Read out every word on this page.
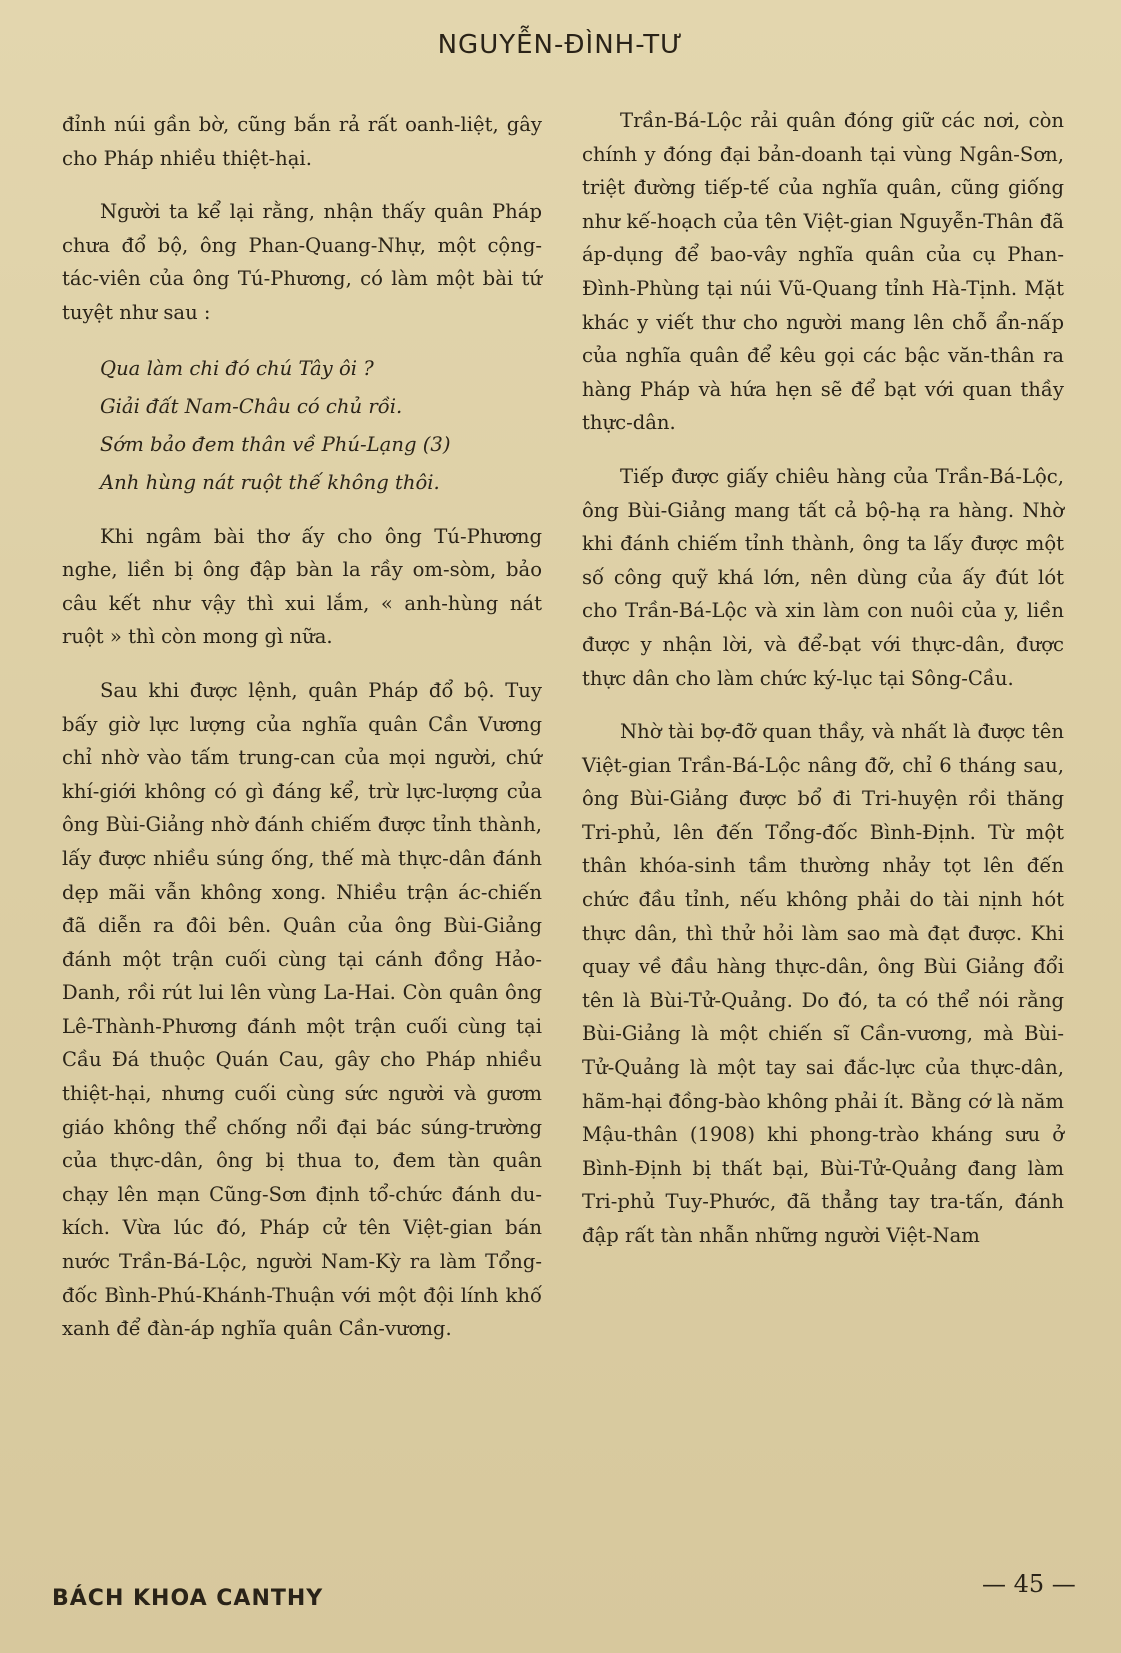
NGUYỄN-ĐÌNH-TƯ

đỉnh núi gần bờ, cũng bắn rả rất oanh-liệt, gây cho Pháp nhiều thiệt-hại.

Người ta kể lại rằng, nhận thấy quân Pháp chưa đổ bộ, ông Phan-Quang-Nhự, một cộng-tác-viên của ông Tú-Phương, có làm một bài tứ tuyệt như sau :

Qua làm chi đó chú Tây ôi ?
Giải đất Nam-Châu có chủ rồi.
Sớm bảo đem thân về Phú-Lạng (3)
Anh hùng nát ruột thế không thôi.

Khi ngâm bài thơ ấy cho ông Tú-Phương nghe, liền bị ông đập bàn la rầy om-sòm, bảo câu kết như vậy thì xui lắm, « anh-hùng nát ruột » thì còn mong gì nữa.

Sau khi được lệnh, quân Pháp đổ bộ. Tuy bấy giờ lực lượng của nghĩa quân Cần Vương chỉ nhờ vào tấm trung-can của mọi người, chứ khí-giới không có gì đáng kể, trừ lực-lượng của ông Bùi-Giảng nhờ đánh chiếm được tỉnh thành, lấy được nhiều súng ống, thế mà thực-dân đánh dẹp mãi vẫn không xong. Nhiều trận ác-chiến đã diễn ra đôi bên. Quân của ông Bùi-Giảng đánh một trận cuối cùng tại cánh đồng Hảo-Danh, rồi rút lui lên vùng La-Hai. Còn quân ông Lê-Thành-Phương đánh một trận cuối cùng tại Cầu Đá thuộc Quán Cau, gây cho Pháp nhiều thiệt-hại, nhưng cuối cùng sức người và gươm giáo không thể chống nổi đại bác súng-trường của thực-dân, ông bị thua to, đem tàn quân chạy lên mạn Cũng-Sơn định tổ-chức đánh du-kích. Vừa lúc đó, Pháp cử tên Việt-gian bán nước Trần-Bá-Lộc, người Nam-Kỳ ra làm Tổng-đốc Bình-Phú-Khánh-Thuận với một đội lính khố xanh để đàn-áp nghĩa quân Cần-vương.

Trần-Bá-Lộc rải quân đóng giữ các nơi, còn chính y đóng đại bản-doanh tại vùng Ngân-Sơn, triệt đường tiếp-tế của nghĩa quân, cũng giống như kế-hoạch của tên Việt-gian Nguyễn-Thân đã áp-dụng để bao-vây nghĩa quân của cụ Phan-Đình-Phùng tại núi Vũ-Quang tỉnh Hà-Tịnh. Mặt khác y viết thư cho người mang lên chỗ ẩn-nấp của nghĩa quân để kêu gọi các bậc văn-thân ra hàng Pháp và hứa hẹn sẽ để bạt với quan thầy thực-dân.

Tiếp được giấy chiêu hàng của Trần-Bá-Lộc, ông Bùi-Giảng mang tất cả bộ-hạ ra hàng. Nhờ khi đánh chiếm tỉnh thành, ông ta lấy được một số công quỹ khá lớn, nên dùng của ấy đút lót cho Trần-Bá-Lộc và xin làm con nuôi của y, liền được y nhận lời, và để-bạt với thực-dân, được thực dân cho làm chức ký-lục tại Sông-Cầu.

Nhờ tài bợ-đỡ quan thầy, và nhất là được tên Việt-gian Trần-Bá-Lộc nâng đỡ, chỉ 6 tháng sau, ông Bùi-Giảng được bổ đi Tri-huyện rồi thăng Tri-phủ, lên đến Tổng-đốc Bình-Định. Từ một thân khóa-sinh tầm thường nhảy tọt lên đến chức đầu tỉnh, nếu không phải do tài nịnh hót thực dân, thì thử hỏi làm sao mà đạt được. Khi quay về đầu hàng thực-dân, ông Bùi Giảng đổi tên là Bùi-Tử-Quảng. Do đó, ta có thể nói rằng Bùi-Giảng là một chiến sĩ Cần-vương, mà Bùi-Tử-Quảng là một tay sai đắc-lực của thực-dân, hãm-hại đồng-bào không phải ít. Bằng cớ là năm Mậu-thân (1908) khi phong-trào kháng sưu ở Bình-Định bị thất bại, Bùi-Tử-Quảng đang làm Tri-phủ Tuy-Phước, đã thẳng tay tra-tấn, đánh đập rất tàn nhẫn những người Việt-Nam

BÁCH KHOA CANTHY
— 45 —
